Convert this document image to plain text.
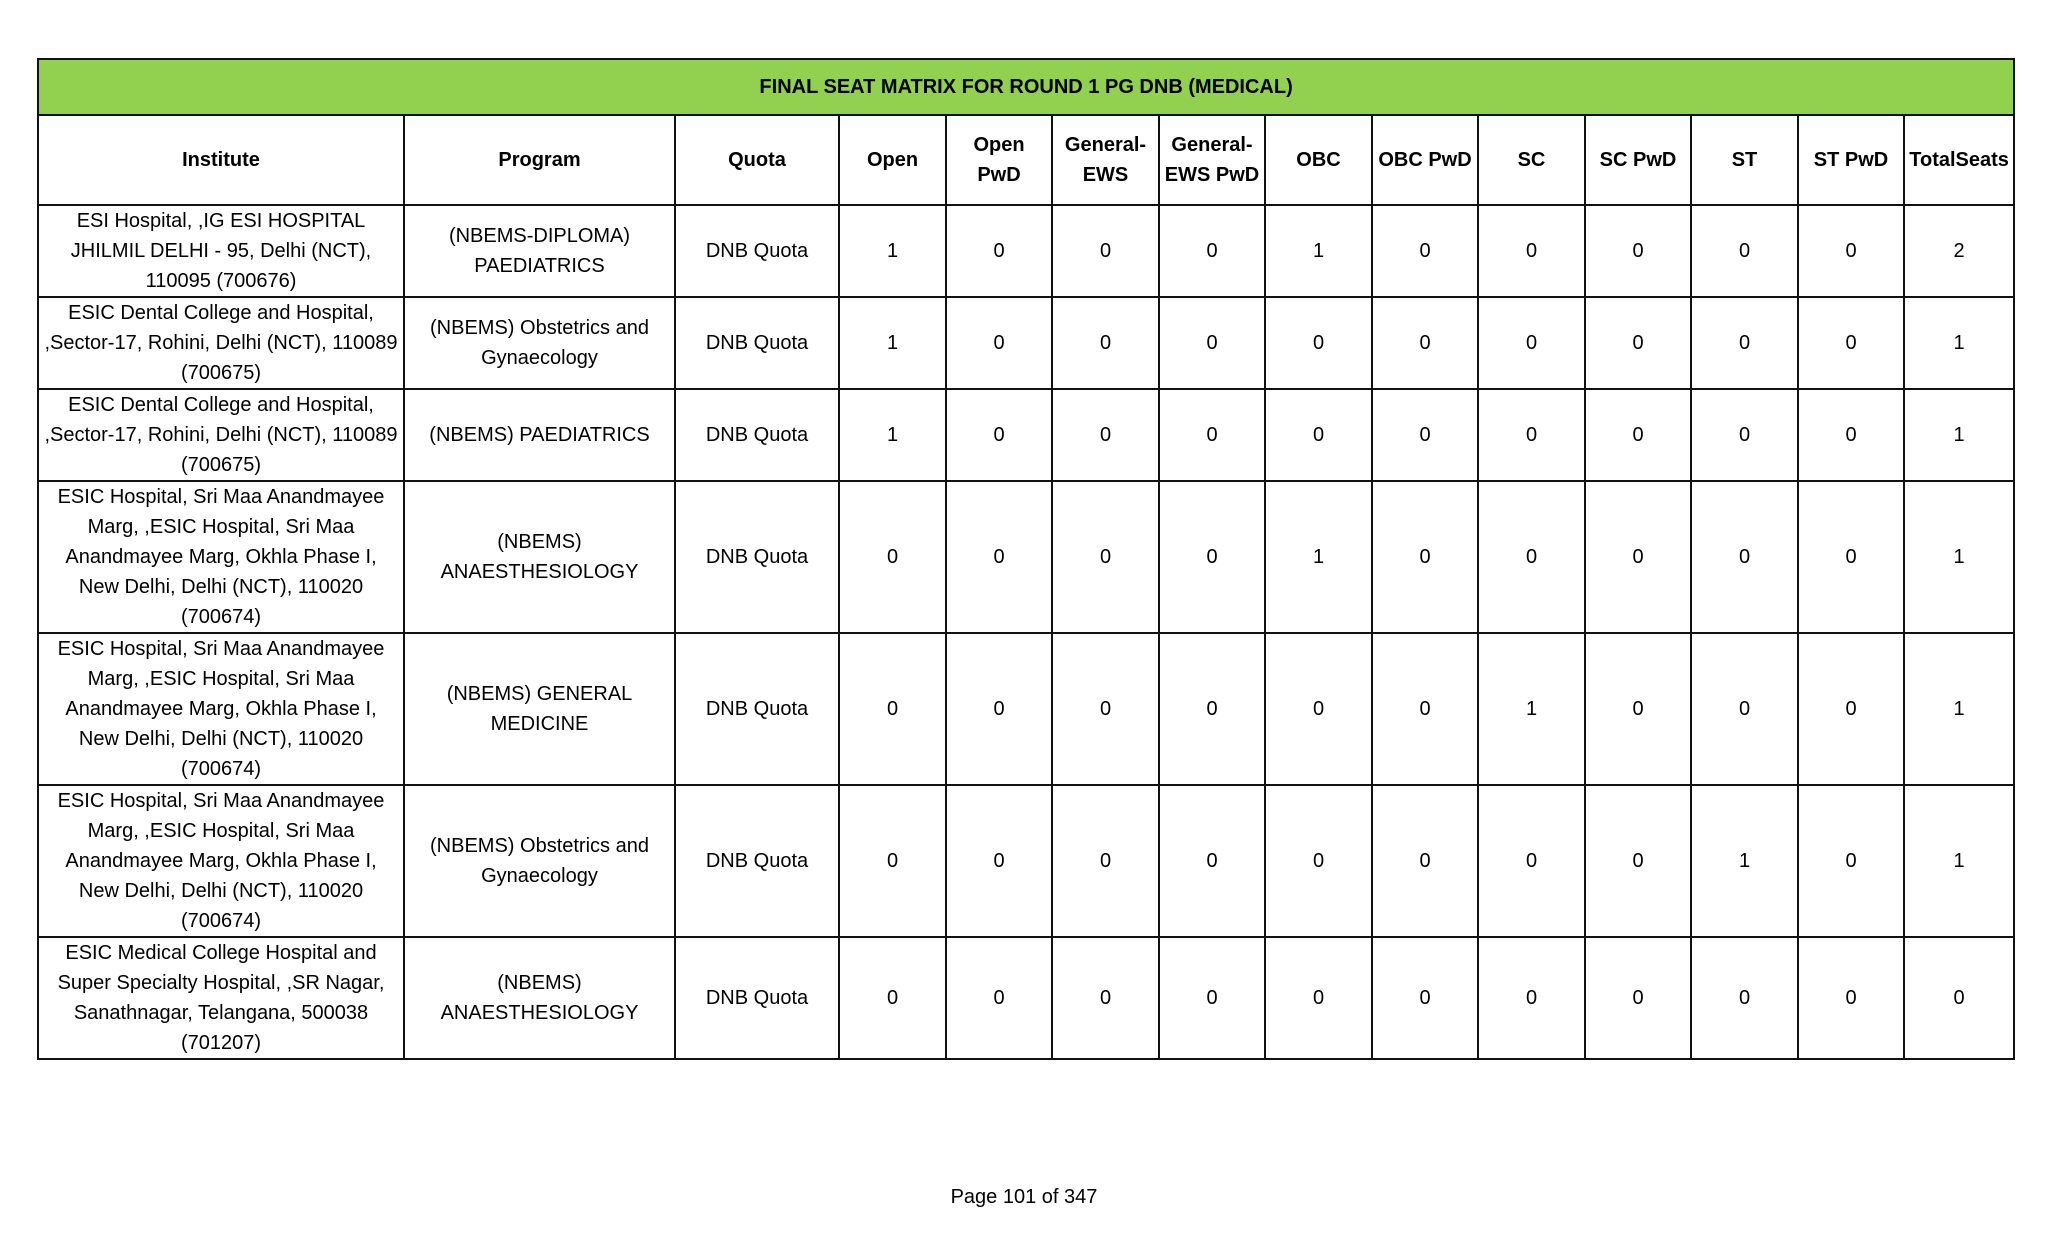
FINAL SEAT MATRIX FOR ROUND 1 PG DNB (MEDICAL)													
Institute	Program	Quota	Open	Open PwD	General-EWS	General-EWS PwD	OBC	OBC PwD	SC	SC PwD	ST	ST PwD	TotalSeats
ESI Hospital, ,IG ESI HOSPITAL JHILMIL DELHI - 95, Delhi (NCT), 110095 (700676)	(NBEMS-DIPLOMA) PAEDIATRICS	DNB Quota	1	0	0	0	1	0	0	0	0	0	2
ESIC Dental College and Hospital, ,Sector-17, Rohini, Delhi (NCT), 110089 (700675)	(NBEMS) Obstetrics and Gynaecology	DNB Quota	1	0	0	0	0	0	0	0	0	0	1
ESIC Dental College and Hospital, ,Sector-17, Rohini, Delhi (NCT), 110089 (700675)	(NBEMS) PAEDIATRICS	DNB Quota	1	0	0	0	0	0	0	0	0	0	1
ESIC Hospital, Sri Maa Anandmayee Marg, ,ESIC Hospital, Sri Maa Anandmayee Marg, Okhla Phase I, New Delhi, Delhi (NCT), 110020 (700674)	(NBEMS) ANAESTHESIOLOGY	DNB Quota	0	0	0	0	1	0	0	0	0	0	1
ESIC Hospital, Sri Maa Anandmayee Marg, ,ESIC Hospital, Sri Maa Anandmayee Marg, Okhla Phase I, New Delhi, Delhi (NCT), 110020 (700674)	(NBEMS) GENERAL MEDICINE	DNB Quota	0	0	0	0	0	0	1	0	0	0	1
ESIC Hospital, Sri Maa Anandmayee Marg, ,ESIC Hospital, Sri Maa Anandmayee Marg, Okhla Phase I, New Delhi, Delhi (NCT), 110020 (700674)	(NBEMS) Obstetrics and Gynaecology	DNB Quota	0	0	0	0	0	0	0	0	1	0	1
ESIC Medical College Hospital and Super Specialty Hospital, ,SR Nagar, Sanathnagar, Telangana, 500038 (701207)	(NBEMS) ANAESTHESIOLOGY	DNB Quota	0	0	0	0	0	0	0	0	0	0	0
Page 101 of 347
